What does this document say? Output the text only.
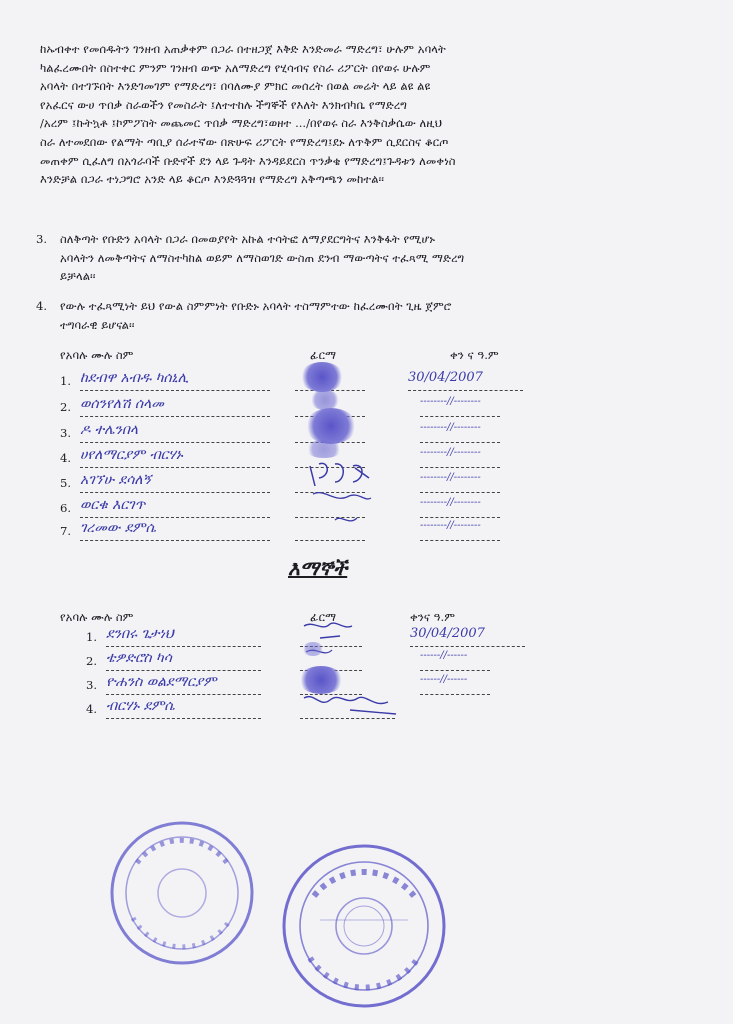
ከኡብቀተ የመሰዱትን ገንዘብ አጠቃቀም በጋራ በተዘጋጀ እቅድ እንድመራ ማድረግ፣ ሁሉም አባላት

ካልፈረሙበት በስተቀር ምንም ገንዘብ ወጭ አለማድረግ የሂሳብና የስራ ሪፖርት በየወሩ ሁሉም

አባላት በተገኙበት እንድገመገም የማድረግ፣ በባለሙያ ምክር መሰረት በወል መሬት ላይ ልዩ ልዩ

የአፈርና ውሀ ጥበቃ ስራወችን የመስራት ፤ለተተከሉ ችግኞች የእለት እንክብካቤ የማድረግ

/አረም ፤ኩትኳቶ ፤ኮምፖስት መጨመር ጥበቃ ማድረግ፣ወዘተ .../በየወሩ ስራ እንቅስቃሴው ለዚህ

ስራ ለተመደበው የልማት ጣቢያ ሰራተኛው በጽሁፍ ሪፖርት የማድረግ፤ደኑ ለጥቅም ሲደርስና ቆርጦ

መጠቀም ሲፈለግ በአጎራባች ቡድኖች ደን ላይ ጉዳት እንዳይደርስ ጥንቃቄ የማድረግ፤ጉዳቱን ለመቀነስ

እንድቻል በጋራ ተነጋግሮ አንድ ላይ ቆርጦ እንድጓጓዝ የማድረግ አቅጣጫን መከተል፡፡

3. ስለቅጣት የቡድን አባላት በጋራ በመወያየት አኩል ተሳትፎ ለማያደርግትና እንቅፋት የሚሆኑ
አባላትን ለመቅጣትና ለማስተካከል ወይም ለማስወገድ ውስጠ ደንብ ማውጣትና ተፈጻሚ ማድረግ
ይቻላል፡፡
4. የውሉ ተፈጻሚነት ይህ የውል ስምምነት የቡድኑ አባላት ተስማምተው ከፈረሙበት ጊዜ ጀምሮ
ተግባራዊ ይሆናል፡፡
የአባሉ ሙሉ ስም	ፊርማ	ቀን ና ዓ.ም
1. ከደብዋ አብዱ ካሰኒሊ	30/04/2007
2. ወሰንየለሽ ሰላመ	--------//--------
3. ዶ ተሌንበላ	--------//--------
4. ሀየለማርያም ብርሃኑ	--------//--------
5. አገኘሁ ደሳለኝ	--------//--------
6. ወርቁ እርገጥ	--------//--------
7. ገረመው ደምሴ	--------//--------
እማኞች
የአባሉ ሙሉ ስም	ፊርማ	ቀንና ዓ.ም
1. ደንበሩ ጌታነህ	30/04/2007
2. ቴዎድሮስ ካሳ	------//------
3. ዮሐንስ ወልደማርያም	------//------
4. ብርሃኑ ደምሴ
